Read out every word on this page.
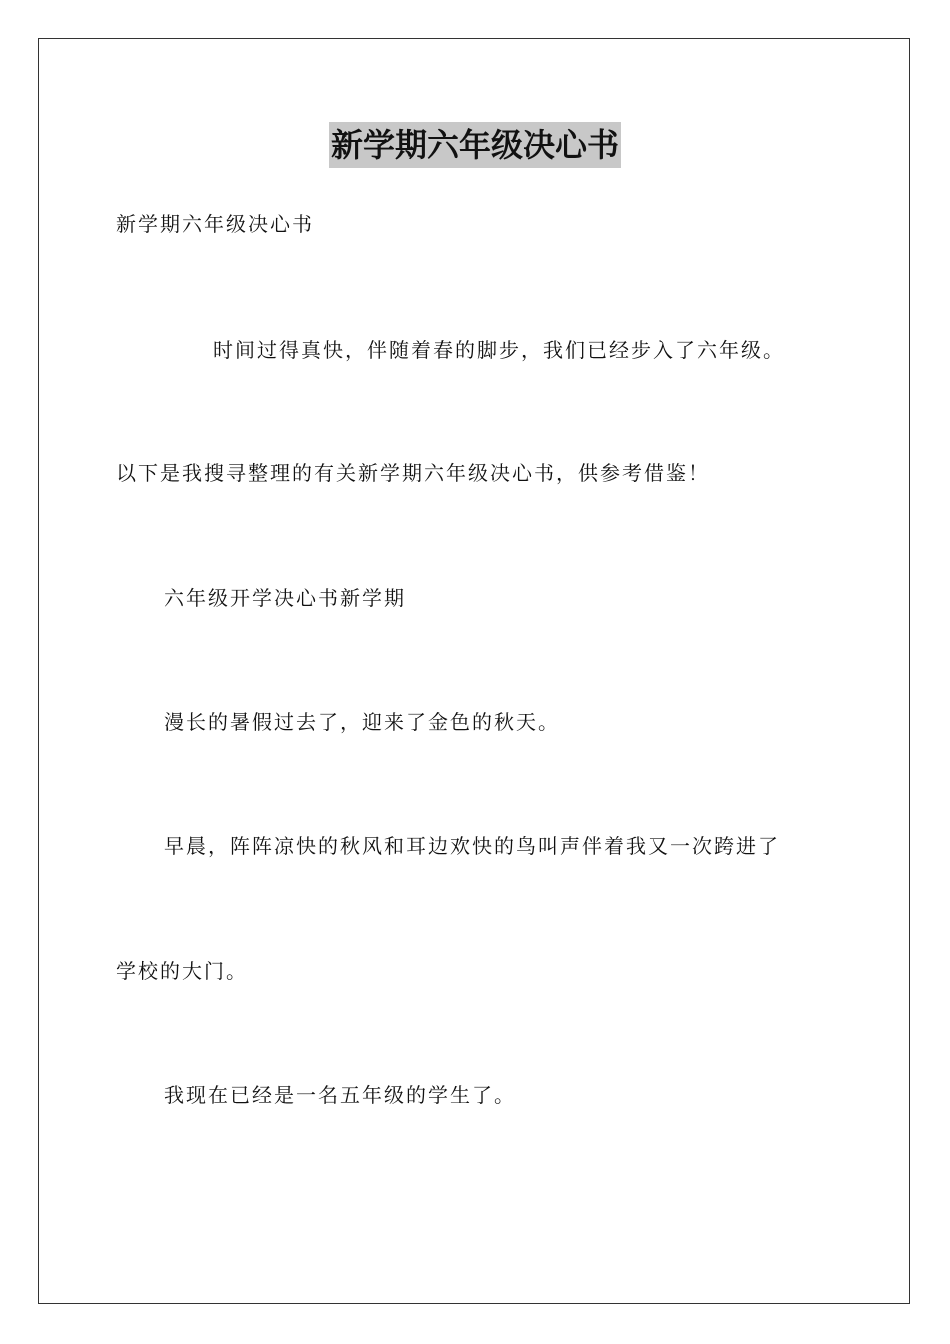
新学期六年级决心书
新学期六年级决心书
时间过得真快，伴随着春的脚步，我们已经步入了六年级。
以下是我搜寻整理的有关新学期六年级决心书，供参考借鉴！
六年级开学决心书新学期
漫长的暑假过去了，迎来了金色的秋天。
早晨，阵阵凉快的秋风和耳边欢快的鸟叫声伴着我又一次跨进了
学校的大门。
我现在已经是一名五年级的学生了。
